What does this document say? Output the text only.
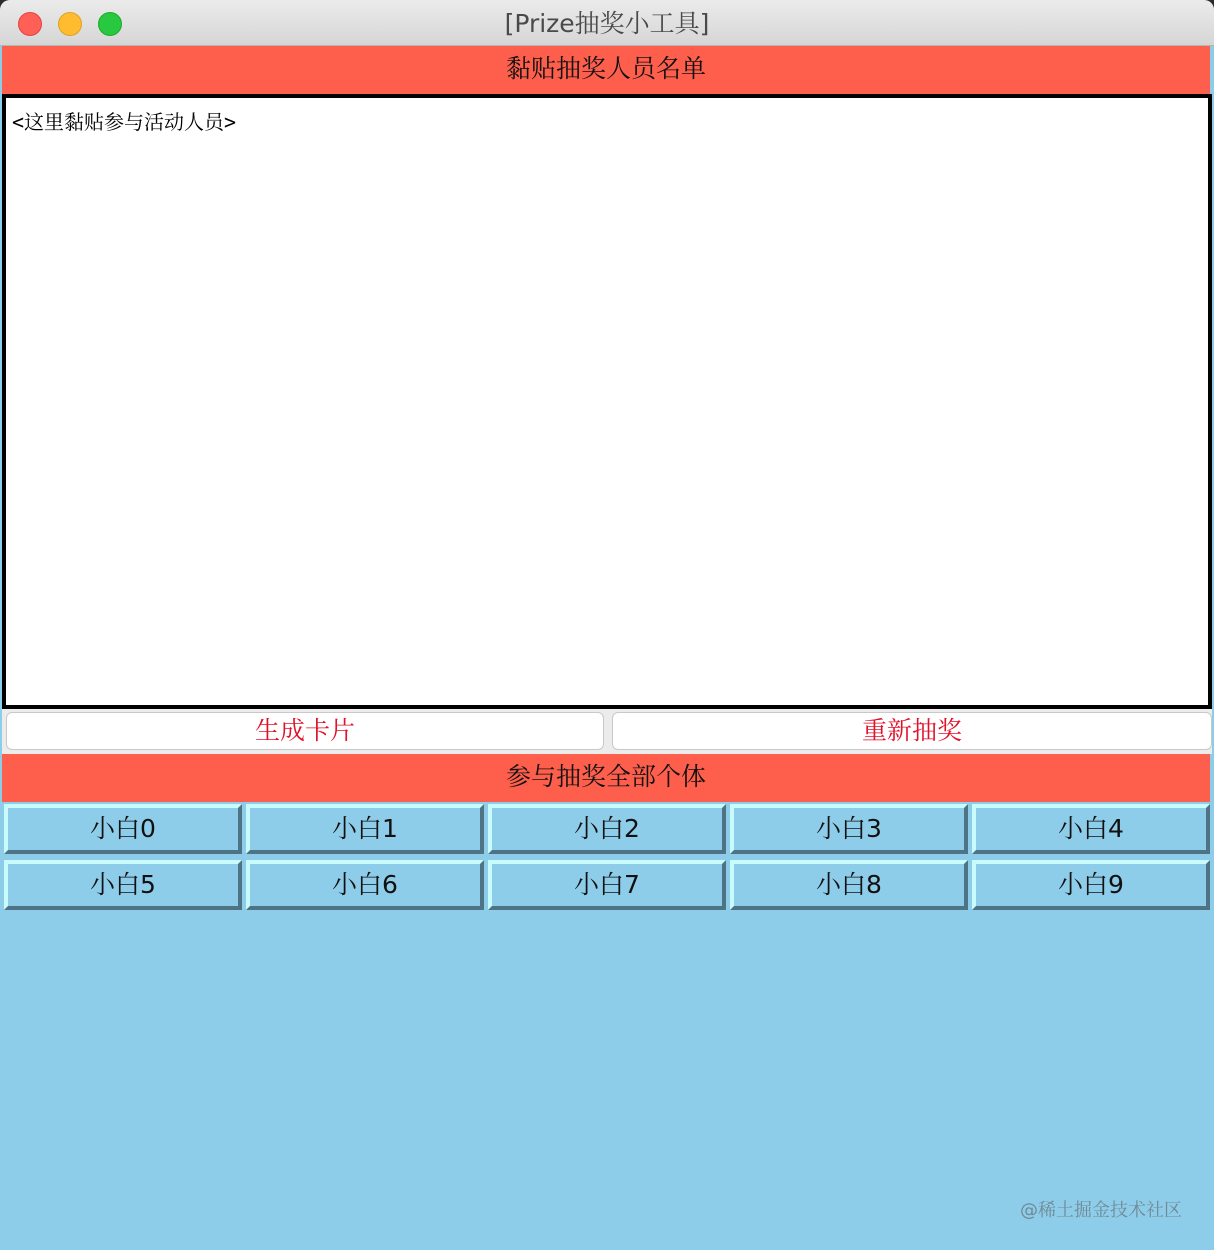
[Prize抽奖小工具]
黏贴抽奖人员名单
<这里黏贴参与活动人员>
生成卡片	重新抽奖
参与抽奖全部个体
小白0	小白1	小白2	小白3	小白4
小白5	小白6	小白7	小白8	小白9
@稀土掘金技术社区
